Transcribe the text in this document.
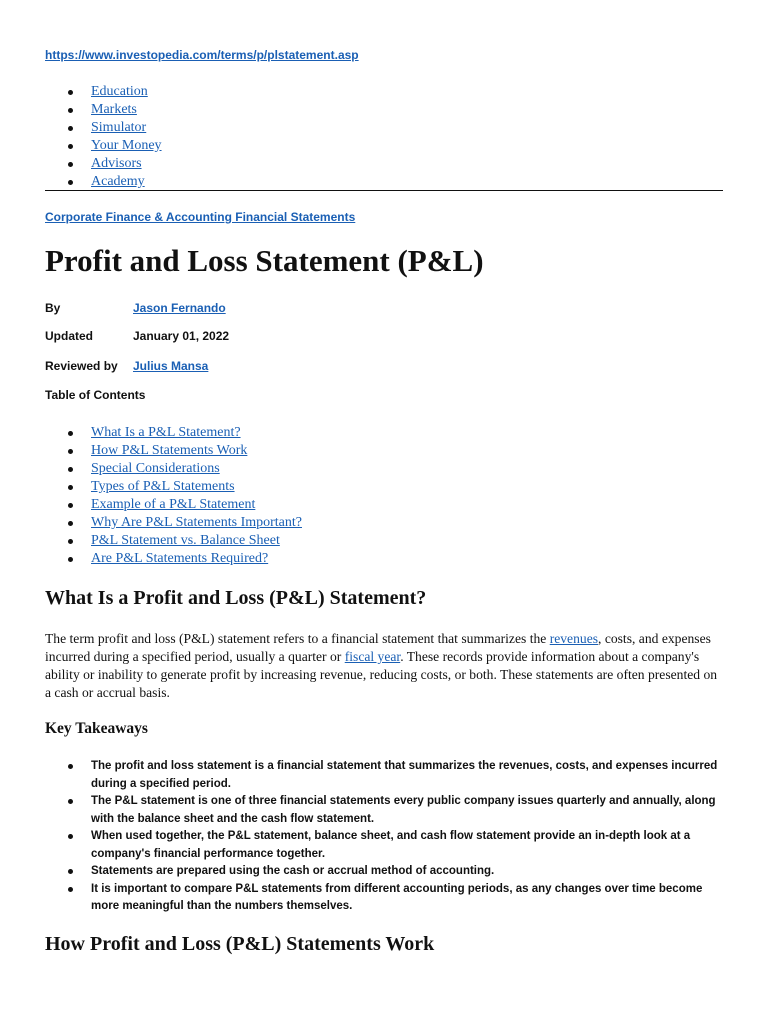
https://www.investopedia.com/terms/p/plstatement.asp
Education
Markets
Simulator
Your Money
Advisors
Academy
Corporate Finance & Accounting Financial Statements
Profit and Loss Statement (P&L)
By	Jason Fernando
Updated	January 01, 2022
Reviewed by Julius Mansa
Table of Contents
What Is a P&L Statement?
How P&L Statements Work
Special Considerations
Types of P&L Statements
Example of a P&L Statement
Why Are P&L Statements Important?
P&L Statement vs. Balance Sheet
Are P&L Statements Required?
What Is a Profit and Loss (P&L) Statement?

The term profit and loss (P&L) statement refers to a financial statement that summarizes the revenues, costs, and expenses incurred during a specified period, usually a quarter or fiscal year. These records provide information about a company's ability or inability to generate profit by increasing revenue, reducing costs, or both. These statements are often presented on a cash or accrual basis.

Key Takeaways
The profit and loss statement is a financial statement that summarizes the revenues, costs, and expenses incurred during a specified period.
The P&L statement is one of three financial statements every public company issues quarterly and annually, along with the balance sheet and the cash flow statement.
When used together, the P&L statement, balance sheet, and cash flow statement provide an in-depth look at a company's financial performance together.
Statements are prepared using the cash or accrual method of accounting.
It is important to compare P&L statements from different accounting periods, as any changes over time become more meaningful than the numbers themselves.
How Profit and Loss (P&L) Statements Work
